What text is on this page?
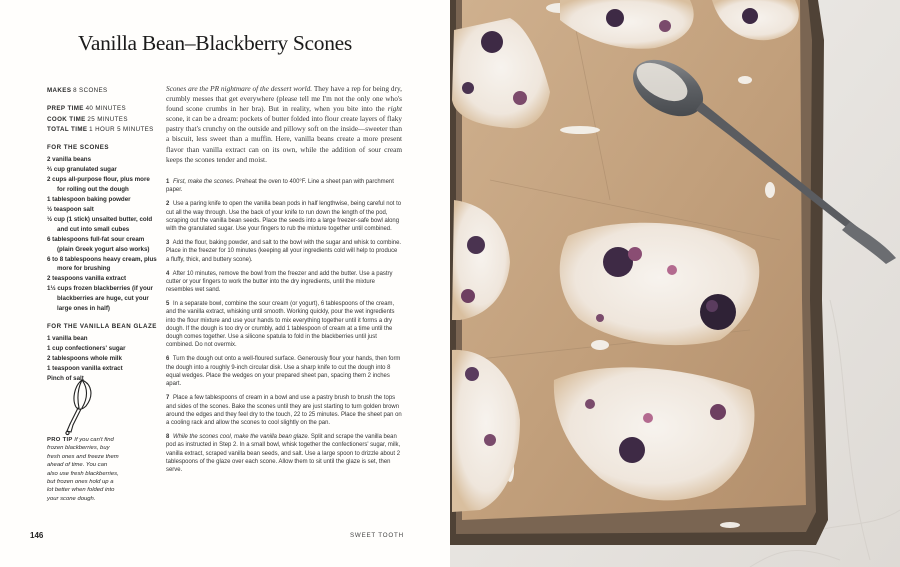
Vanilla Bean–Blackberry Scones
MAKES 8 SCONES
PREP TIME 40 MINUTES
COOK TIME 25 MINUTES
TOTAL TIME 1 HOUR 5 MINUTES
FOR THE SCONES
2 vanilla beans
⅔ cup granulated sugar
2 cups all-purpose flour, plus more for rolling out the dough
1 tablespoon baking powder
½ teaspoon salt
½ cup (1 stick) unsalted butter, cold and cut into small cubes
6 tablespoons full-fat sour cream (plain Greek yogurt also works)
6 to 8 tablespoons heavy cream, plus more for brushing
2 teaspoons vanilla extract
1½ cups frozen blackberries (if your blackberries are huge, cut your large ones in half)
FOR THE VANILLA BEAN GLAZE
1 vanilla bean
1 cup confectioners' sugar
2 tablespoons whole milk
1 teaspoon vanilla extract
Pinch of salt
PRO TIP If you can't find frozen blackberries, buy fresh ones and freeze them ahead of time. You can also use fresh blackberries, but frozen ones hold up a lot better when folded into your scone dough.
Scones are the PR nightmare of the dessert world. They have a rep for being dry, crumbly messes that get everywhere (please tell me I'm not the only one who's found scone crumbs in her bra). But in reality, when you bite into the right scone, it can be a dream: pockets of butter folded into flour create layers of flaky pastry that's crunchy on the outside and pillowy soft on the inside—sweeter than a biscuit, less sweet than a muffin. Here, vanilla beans create a more present flavor than vanilla extract can on its own, while the addition of sour cream keeps the scones tender and moist.
1 First, make the scones. Preheat the oven to 400°F. Line a sheet pan with parchment paper.
2 Use a paring knife to open the vanilla bean pods in half lengthwise, being careful not to cut all the way through. Use the back of your knife to run down the length of the pod, scraping out the vanilla bean seeds. Place the seeds into a large freezer-safe bowl along with the granulated sugar. Use your fingers to rub the mixture together until combined.
3 Add the flour, baking powder, and salt to the bowl with the sugar and whisk to combine. Place in the freezer for 10 minutes (keeping all your ingredients cold will help to produce a fluffy, thick, and buttery scone).
4 After 10 minutes, remove the bowl from the freezer and add the butter. Use a pastry cutter or your fingers to work the butter into the dry ingredients, until the mixture resembles wet sand.
5 In a separate bowl, combine the sour cream (or yogurt), 6 tablespoons of the cream, and the vanilla extract, whisking until smooth. Working quickly, pour the wet ingredients into the flour mixture and use your hands to mix everything together until it forms a dry dough. If the dough is too dry or crumbly, add 1 tablespoon of cream at a time until the dough comes together. Use a silicone spatula to fold in the blackberries until just combined. Do not overmix.
6 Turn the dough out onto a well-floured surface. Generously flour your hands, then form the dough into a roughly 9-inch circular disk. Use a sharp knife to cut the dough into 8 equal wedges. Place the wedges on your prepared sheet pan, spacing them 2 inches apart.
7 Place a few tablespoons of cream in a bowl and use a pastry brush to brush the tops and sides of the scones. Bake the scones until they are just starting to turn golden brown around the edges and they feel dry to the touch, 22 to 25 minutes. Place the sheet pan on a cooling rack and allow the scones to cool slightly on the pan.
8 While the scones cool, make the vanilla bean glaze. Split and scrape the vanilla bean pod as instructed in Step 2. In a small bowl, whisk together the confectioners' sugar, milk, vanilla extract, scraped vanilla bean seeds, and salt. Use a large spoon to drizzle about 2 tablespoons of the glaze over each scone. Allow them to sit until the glaze is set, then serve.
146	SWEET TOOTH
